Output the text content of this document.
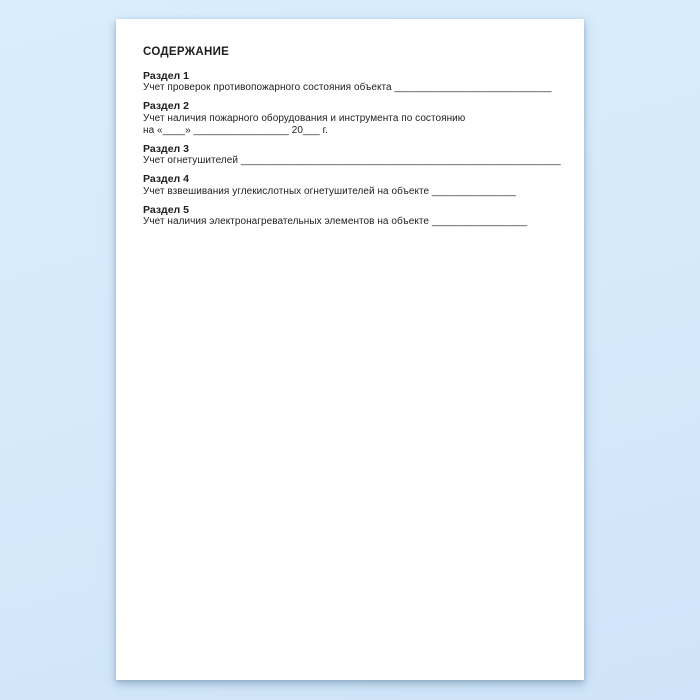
СОДЕРЖАНИЕ
Раздел 1
Учет проверок противопожарного состояния объекта ____________________________
Раздел 2
Учет наличия пожарного оборудования и инструмента по состоянию
на «____» _________________ 20___ г.
Раздел 3
Учет огнетушителей _________________________________________________________
Раздел 4
Учет взвешивания углекислотных огнетушителей на объекте _______________
Раздел 5
Учет наличия электронагревательных элементов на объекте _________________
